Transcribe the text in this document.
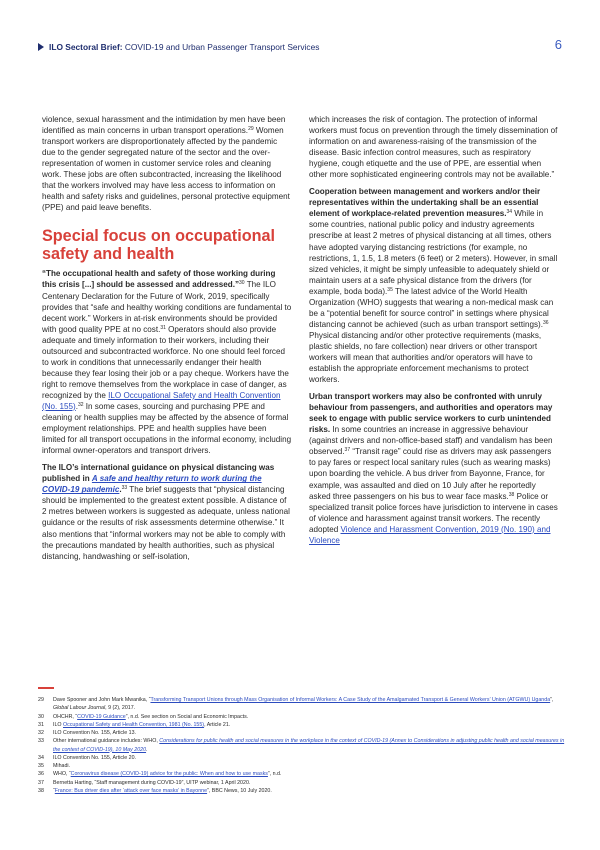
ILO Sectoral Brief: COVID-19 and Urban Passenger Transport Services	6

violence, sexual harassment and the intimidation by men have been identified as main concerns in urban transport operations.$^{29}$ Women transport workers are disproportionately affected by the pandemic due to the gender segregated nature of the sector and the over-representation of women in customer service roles and cleaning work. These jobs are often subcontracted, increasing the likelihood that the workers involved may have less access to information on health and safety risks and guidelines, personal protective equipment (PPE) and paid leave benefits.

Special focus on occupational safety and health

“The occupational health and safety of those working during this crisis [...] should be assessed and addressed.”$^{30}$ The ILO Centenary Declaration for the Future of Work, 2019, specifically provides that “safe and healthy working conditions are fundamental to decent work.” Workers in at-risk environments should be provided with good quality PPE at no cost.$^{31}$ Operators should also provide adequate and timely information to their workers, including their outsourced and subcontracted workforce. No one should feel forced to work in conditions that unnecessarily endanger their health because they fear losing their job or a pay cheque. Workers have the right to remove themselves from the workplace in case of danger, as recognized by the ILO Occupational Safety and Health Convention (No. 155).$^{32}$ In some cases, sourcing and purchasing PPE and cleaning or health supplies may be affected by the absence of formal employment relationships. PPE and health supplies have been limited for all transport occupations in the informal economy, including informal owner-operators and transport drivers.

The ILO’s international guidance on physical distancing was published in A safe and healthy return to work during the COVID-19 pandemic.$^{33}$ The brief suggests that “physical distancing should be implemented to the greatest extent possible. A distance of 2 metres between workers is suggested as adequate, unless national guidance or the results of risk assessments determine otherwise.” It also mentions that “informal workers may not be able to comply with the precautions mandated by health authorities, such as physical distancing, handwashing or self-isolation,

which increases the risk of contagion. The protection of informal workers must focus on prevention through the timely dissemination of information on and awareness-raising of the transmission of the disease. Basic infection control measures, such as respiratory hygiene, cough etiquette and the use of PPE, are essential when other more sophisticated engineering controls may not be available.”

Cooperation between management and workers and/or their representatives within the undertaking shall be an essential element of workplace-related prevention measures.$^{34}$ While in some countries, national public policy and industry agreements prescribe at least 2 metres of physical distancing at all times, others have adopted varying distancing restrictions (for example, no restrictions, 1, 1.5, 1.8 meters (6 feet) or 2 meters). However, in small sized vehicles, it might be simply unfeasible to adequately shield or maintain users at a safe physical distance from the drivers (for example, boda boda).$^{35}$ The latest advice of the World Health Organization (WHO) suggests that wearing a non-medical mask can be a “potential benefit for source control” in settings where physical distancing cannot be achieved (such as urban transport settings).$^{36}$ Physical distancing and/or other protective requirements (masks, plastic shields, no fare collection) near drivers or other transport workers will mean that authorities and/or operators will have to establish the appropriate enforcement mechanisms to protect workers.

Urban transport workers may also be confronted with unruly behaviour from passengers, and authorities and operators may seek to engage with public service workers to curb unintended risks. In some countries an increase in aggressive behaviour (against drivers and non-office-based staff) and vandalism has been observed.$^{37}$ “Transit rage” could rise as drivers may ask passengers to pay fares or respect local sanitary rules (such as wearing masks) upon boarding the vehicle. A bus driver from Bayonne, France, for example, was assaulted and died on 10 July after he reportedly asked three passengers on his bus to wear face masks.$^{38}$ Police or specialized transit police forces have jurisdiction to intervene in cases of violence and harassment against transit workers. The recently adopted Violence and Harassment Convention, 2019 (No. 190) and Violence

29 Dave Spooner and John Mark Mwanika, “Transforming Transport Unions through Mass Organisation of Informal Workers: A Case Study of the Amalgamated Transport & General Workers’ Union (ATGWU) Uganda”, Global Labour Journal, 9 (2), 2017.
30 OHCHR, “COVID-19 Guidance”, n.d. See section on Social and Economic Impacts.
31 ILO Occupational Safety and Health Convention, 1981 (No. 155), Article 21.
32 ILO Convention No. 155, Article 13.
33 Other international guidance includes: WHO, Considerations for public health and social measures in the workplace in the context of COVID-19 (Annex to Considerations in adjusting public health and social measures in the context of COVID-19), 10 May 2020.
34 ILO Convention No. 155, Article 20.
35 Mihadi.
36 WHO, “Coronavirus disease (COVID-19) advice for the public: When and how to use masks”, n.d.
37 Bernetta Harting, “Staff management during COVID-19”, UITP webinar, 1 April 2020.
38 “France: Bus driver dies after ‘attack over face masks’ in Bayonne”, BBC News, 10 July 2020.
